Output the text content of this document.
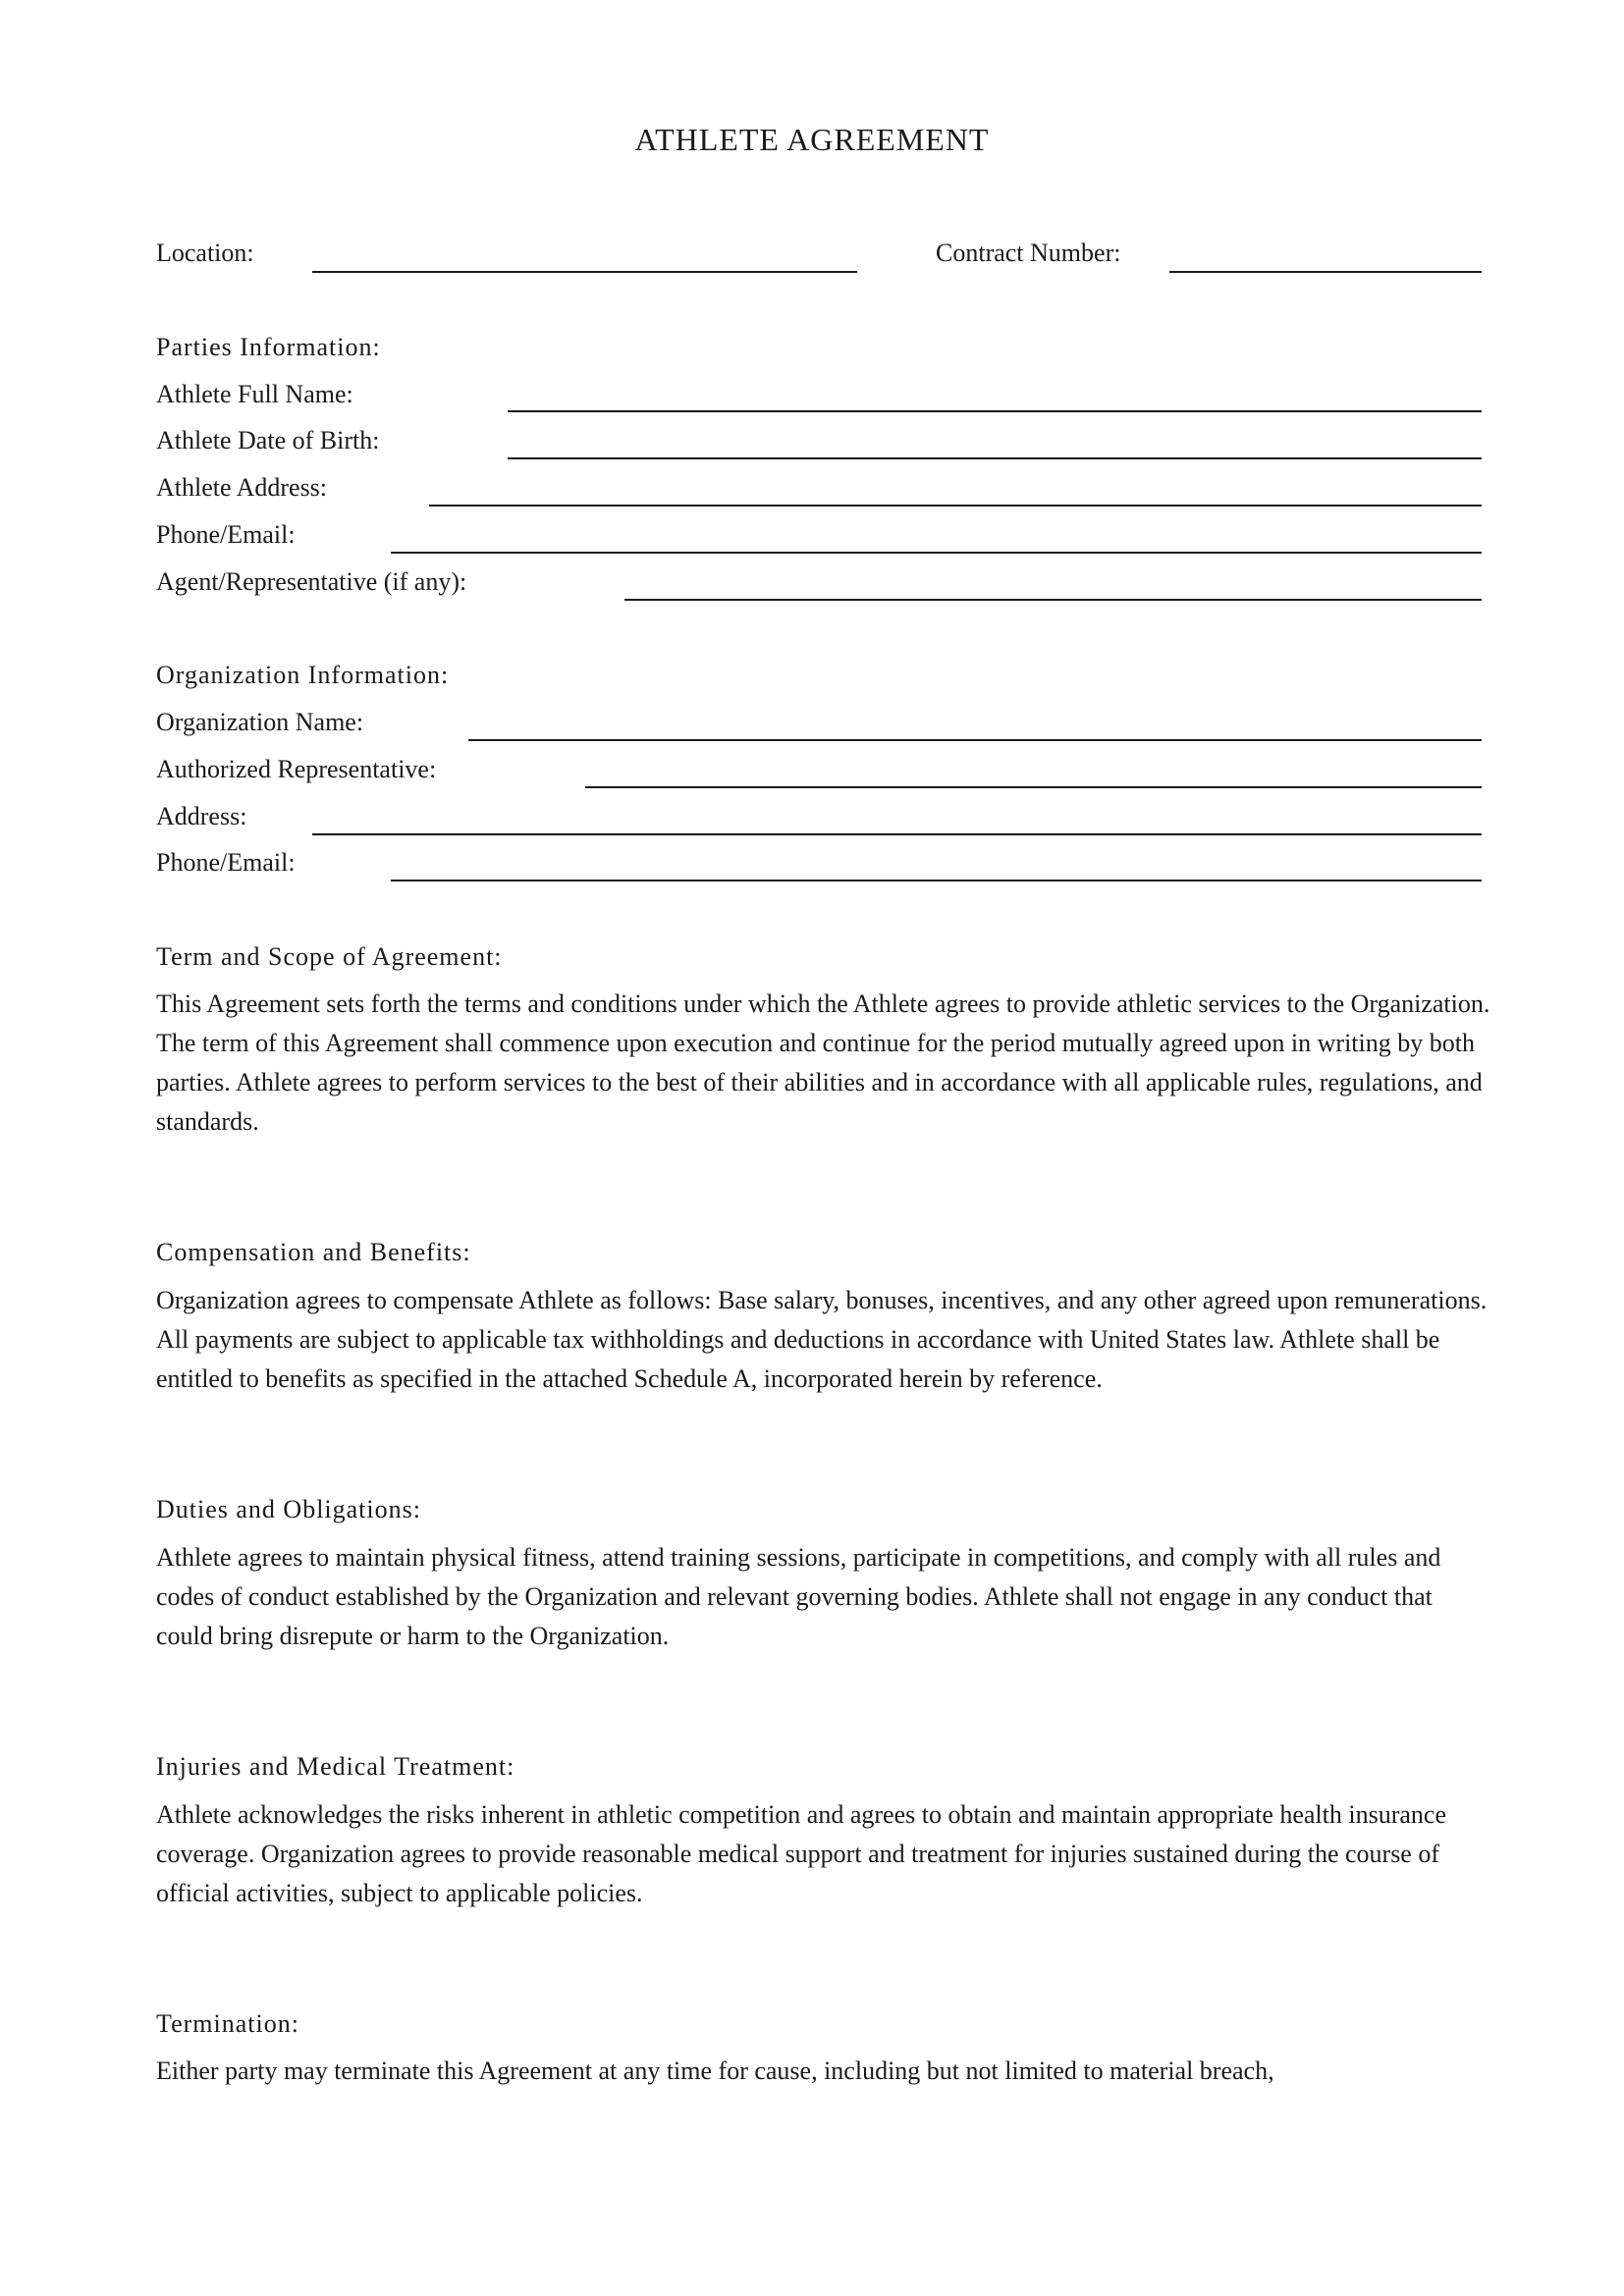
ATHLETE AGREEMENT
Location:	Contract Number:
Parties Information:
Athlete Full Name:
Athlete Date of Birth:
Athlete Address:
Phone/Email:
Agent/Representative (if any):
Organization Information:
Organization Name:
Authorized Representative:
Address:
Phone/Email:
Term and Scope of Agreement:

This Agreement sets forth the terms and conditions under which the Athlete agrees to provide athletic services to the Organization. The term of this Agreement shall commence upon execution and continue for the period mutually agreed upon in writing by both parties. Athlete agrees to perform services to the best of their abilities and in accordance with all applicable rules, regulations, and standards.

Compensation and Benefits:

Organization agrees to compensate Athlete as follows: Base salary, bonuses, incentives, and any other agreed upon remunerations. All payments are subject to applicable tax withholdings and deductions in accordance with United States law. Athlete shall be entitled to benefits as specified in the attached Schedule A, incorporated herein by reference.

Duties and Obligations:

Athlete agrees to maintain physical fitness, attend training sessions, participate in competitions, and comply with all rules and codes of conduct established by the Organization and relevant governing bodies. Athlete shall not engage in any conduct that could bring disrepute or harm to the Organization.

Injuries and Medical Treatment:

Athlete acknowledges the risks inherent in athletic competition and agrees to obtain and maintain appropriate health insurance coverage. Organization agrees to provide reasonable medical support and treatment for injuries sustained during the course of official activities, subject to applicable policies.

Termination:

Either party may terminate this Agreement at any time for cause, including but not limited to material breach,
